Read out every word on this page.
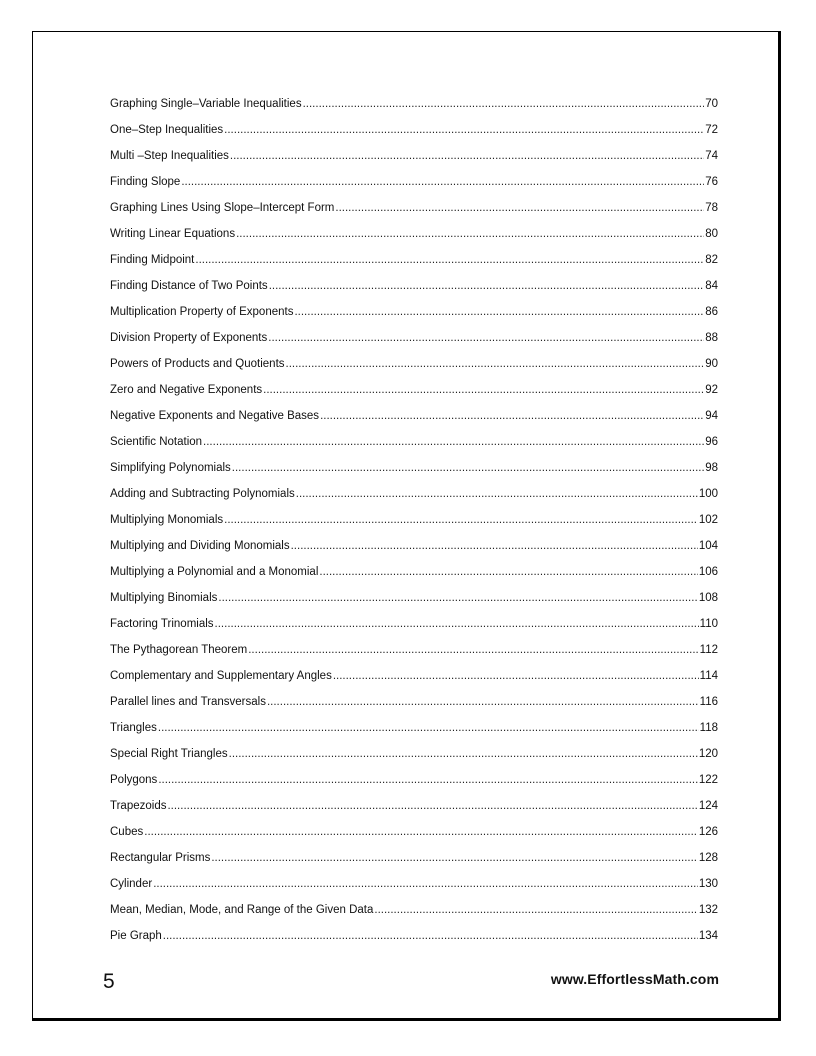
Graphing Single–Variable Inequalities .....	70
One–Step Inequalities .....	72
Multi –Step Inequalities .....	74
Finding Slope .....	76
Graphing Lines Using Slope–Intercept Form .....	78
Writing Linear Equations .....	80
Finding Midpoint .....	82
Finding Distance of Two Points .....	84
Multiplication Property of Exponents .....	86
Division Property of Exponents .....	88
Powers of Products and Quotients .....	90
Zero and Negative Exponents .....	92
Negative Exponents and Negative Bases .....	94
Scientific Notation .....	96
Simplifying Polynomials .....	98
Adding and Subtracting Polynomials .....	100
Multiplying Monomials .....	102
Multiplying and Dividing Monomials .....	104
Multiplying a Polynomial and a Monomial .....	106
Multiplying Binomials .....	108
Factoring Trinomials .....	110
The Pythagorean Theorem .....	112
Complementary and Supplementary Angles .....	114
Parallel lines and Transversals .....	116
Triangles .....	118
Special Right Triangles .....	120
Polygons .....	122
Trapezoids .....	124
Cubes .....	126
Rectangular Prisms .....	128
Cylinder .....	130
Mean, Median, Mode, and Range of the Given Data .....	132
Pie Graph .....	134
5	www.EffortlessMath.com
